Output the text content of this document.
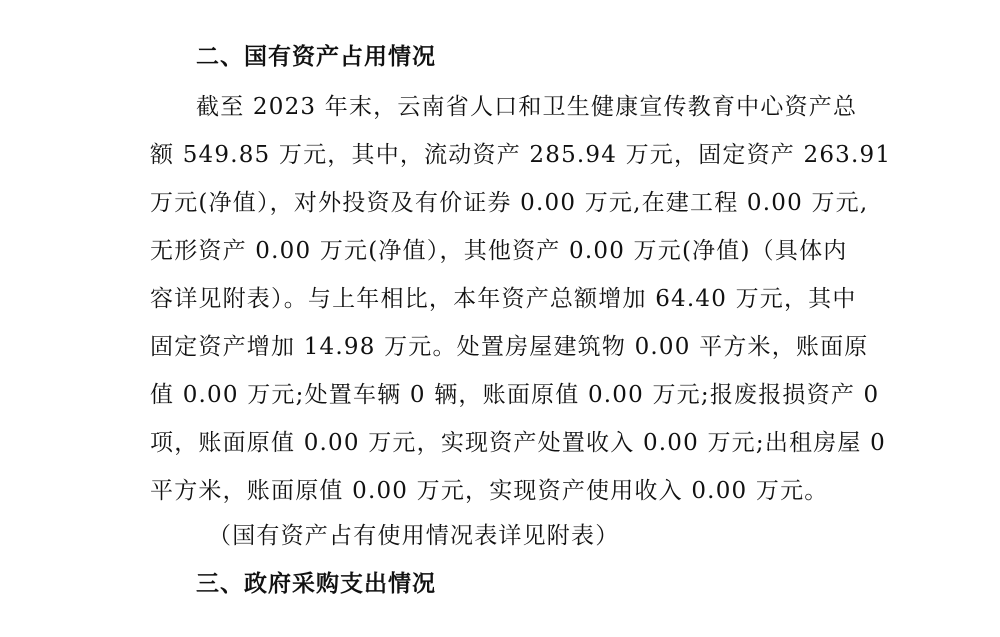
二、国有资产占用情况
截至 2023 年末，云南省人口和卫生健康宣传教育中心资产总
额 549.85 万元，其中，流动资产 285.94 万元，固定资产 263.91
万元(净值），对外投资及有价证券 0.00 万元,在建工程 0.00 万元,
无形资产 0.00 万元(净值），其他资产 0.00 万元(净值)（具体内
容详见附表）。与上年相比，本年资产总额增加 64.40 万元，其中
固定资产增加 14.98 万元。处置房屋建筑物 0.00 平方米，账面原
值 0.00 万元;处置车辆 0 辆，账面原值 0.00 万元;报废报损资产 0
项，账面原值 0.00 万元，实现资产处置收入 0.00 万元;出租房屋 0
平方米，账面原值 0.00 万元，实现资产使用收入 0.00 万元。
（国有资产占有使用情况表详见附表）
三、政府采购支出情况
